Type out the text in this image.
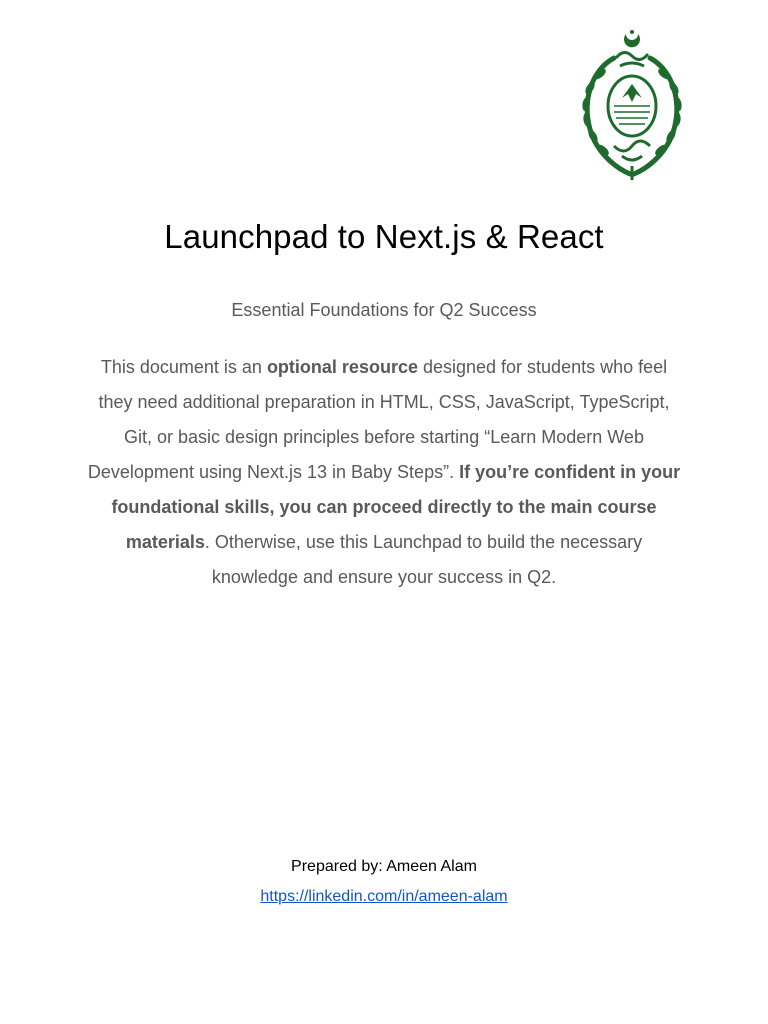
Launchpad to Next.js & React

Essential Foundations for Q2 Success

This document is an optional resource designed for students who feel they need additional preparation in HTML, CSS, JavaScript, TypeScript, Git, or basic design principles before starting “Learn Modern Web Development using Next.js 13 in Baby Steps”. If you’re confident in your foundational skills, you can proceed directly to the main course materials. Otherwise, use this Launchpad to build the necessary knowledge and ensure your success in Q2.

Prepared by: Ameen Alam

https://linkedin.com/in/ameen-alam
